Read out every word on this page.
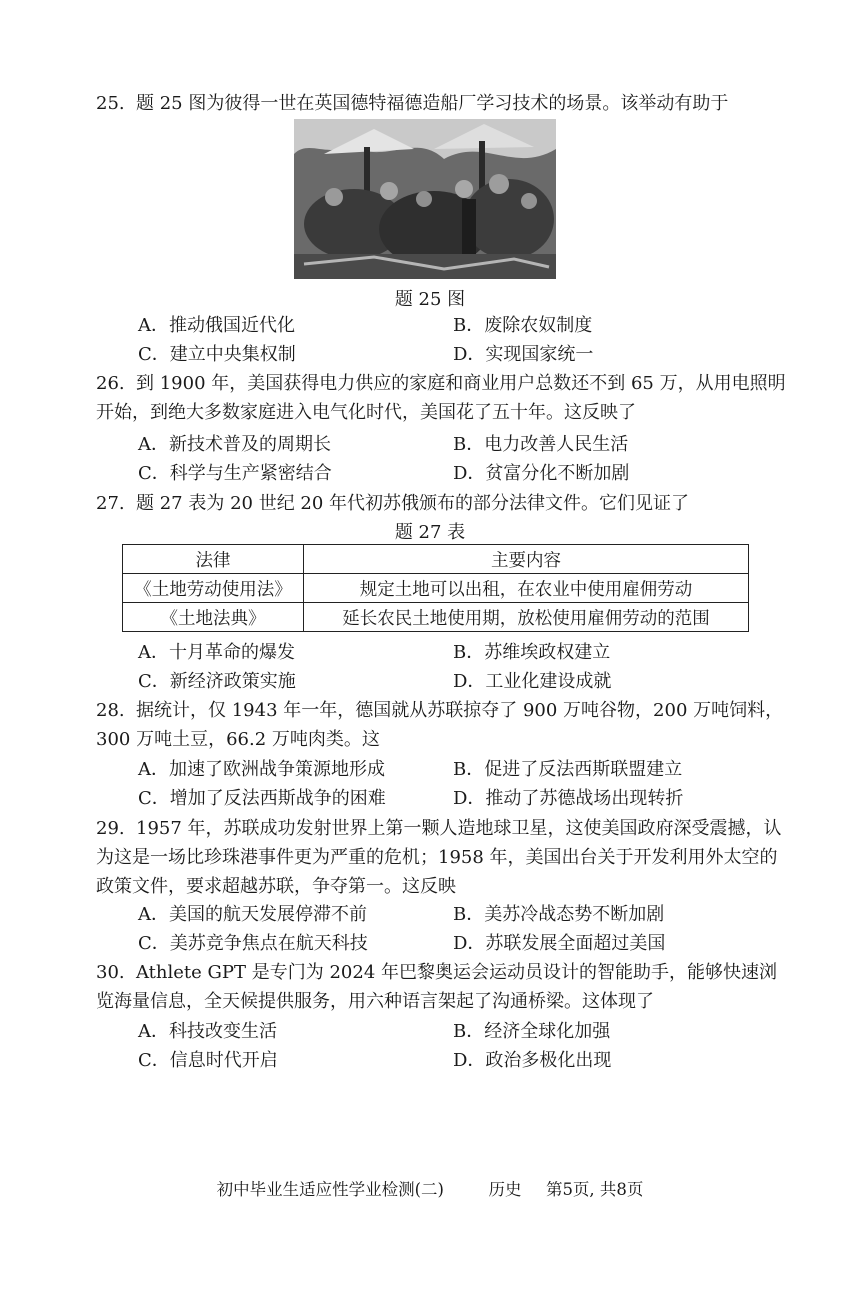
25. 题 25 图为彼得一世在英国德特福德造船厂学习技术的场景。该举动有助于
题 25 图
A．推动俄国近代化	B．废除农奴制度
C．建立中央集权制	D．实现国家统一
26. 到 1900 年，美国获得电力供应的家庭和商业用户总数还不到 65 万，从用电照明开始，到绝大多数家庭进入电气化时代，美国花了五十年。这反映了
A．新技术普及的周期长	B．电力改善人民生活
C．科学与生产紧密结合	D．贫富分化不断加剧
27. 题 27 表为 20 世纪 20 年代初苏俄颁布的部分法律文件。它们见证了
题 27 表
法律	主要内容
《土地劳动使用法》	规定土地可以出租，在农业中使用雇佣劳动
《土地法典》	延长农民土地使用期，放松使用雇佣劳动的范围
A．十月革命的爆发	B．苏维埃政权建立
C．新经济政策实施	D．工业化建设成就
28. 据统计，仅 1943 年一年，德国就从苏联掠夺了 900 万吨谷物，200 万吨饲料，300 万吨土豆，66.2 万吨肉类。这
A．加速了欧洲战争策源地形成	B．促进了反法西斯联盟建立
C．增加了反法西斯战争的困难	D．推动了苏德战场出现转折
29. 1957 年，苏联成功发射世界上第一颗人造地球卫星，这使美国政府深受震撼，认为这是一场比珍珠港事件更为严重的危机；1958 年，美国出台关于开发利用外太空的政策文件，要求超越苏联，争夺第一。这反映
A．美国的航天发展停滞不前	B．美苏冷战态势不断加剧
C．美苏竞争焦点在航天科技	D．苏联发展全面超过美国
30. Athlete GPT 是专门为 2024 年巴黎奥运会运动员设计的智能助手，能够快速浏览海量信息，全天候提供服务，用六种语言架起了沟通桥梁。这体现了
A．科技改变生活	B．经济全球化加强
C．信息时代开启	D．政治多极化出现
初中毕业生适应性学业检测(二)	历史 第5页, 共8页
